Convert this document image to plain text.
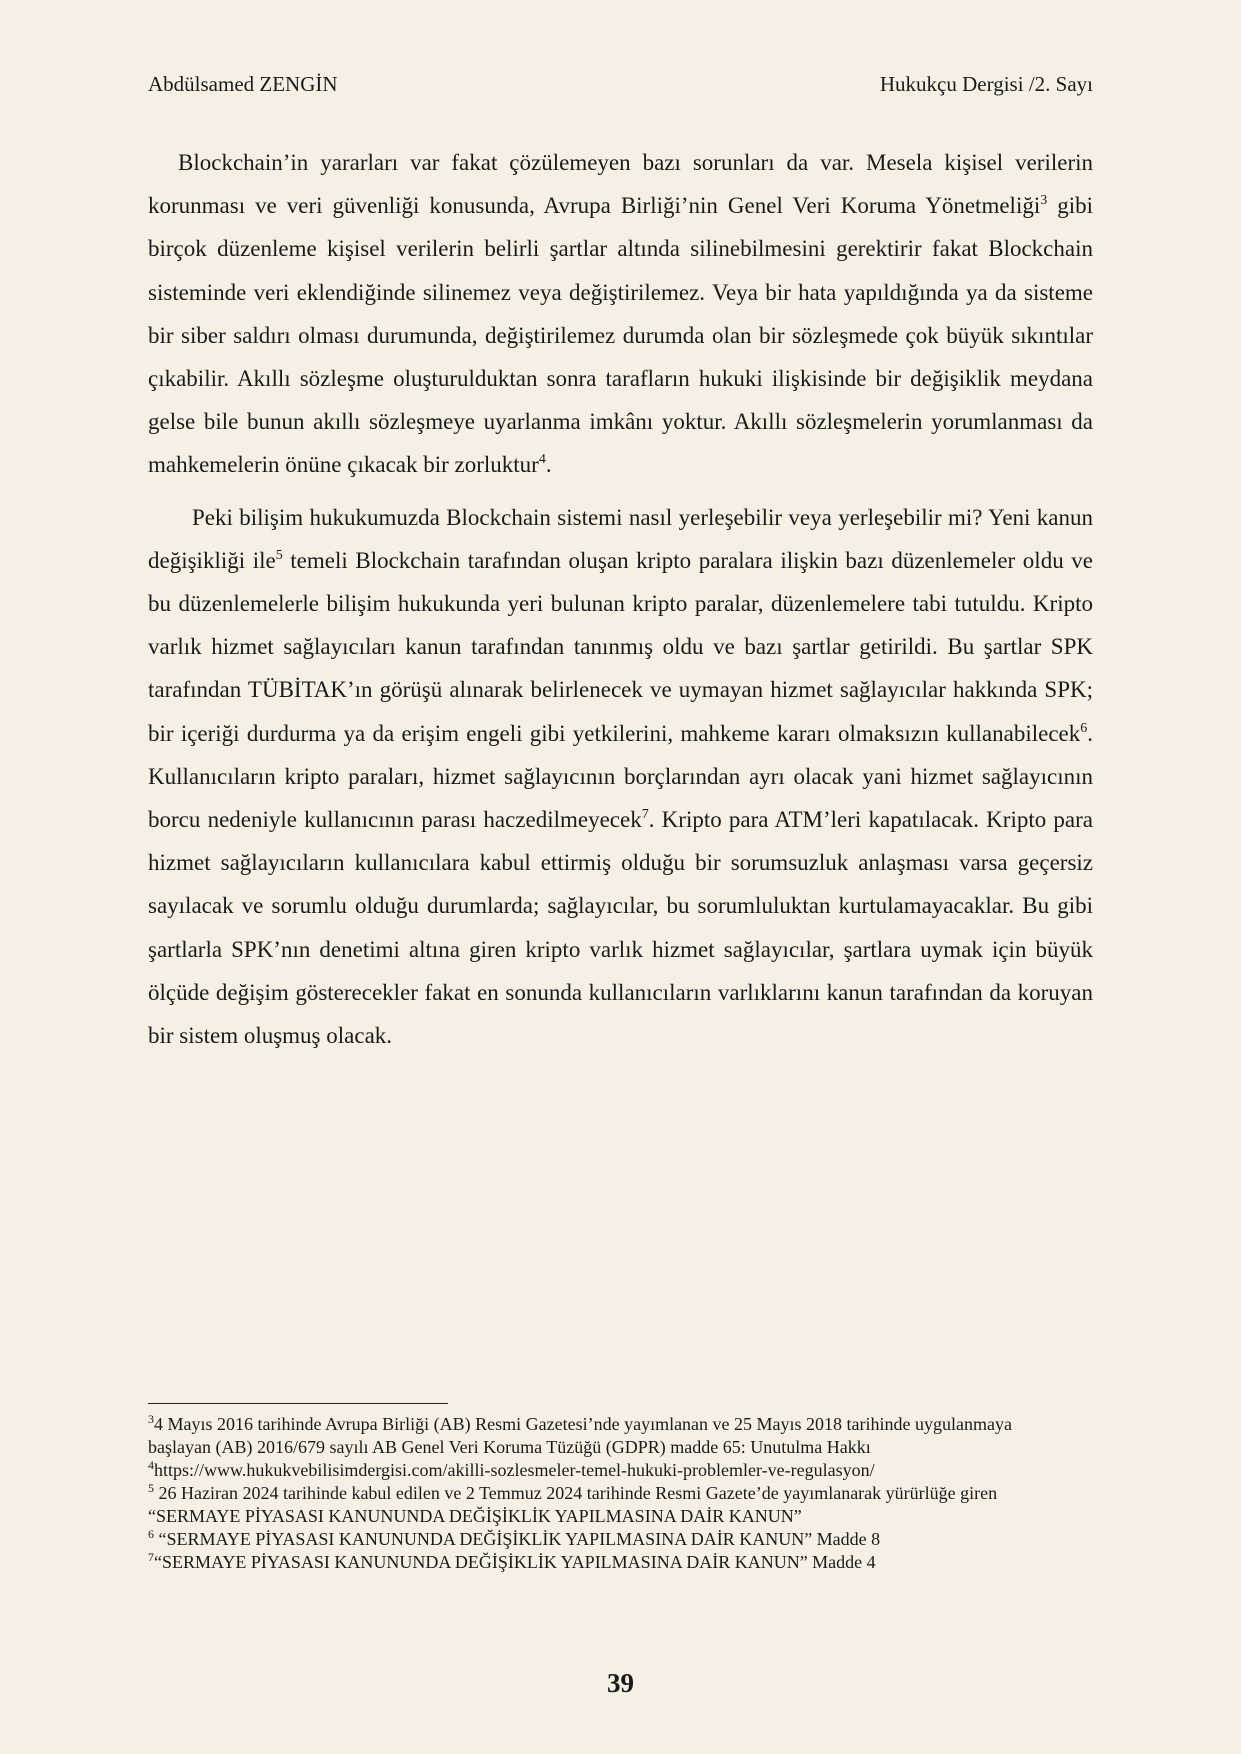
Abdülsamed ZENGİN	Hukukçu Dergisi /2. Sayı

Blockchain’in yararları var fakat çözülemeyen bazı sorunları da var. Mesela kişisel verilerin korunması ve veri güvenliği konusunda, Avrupa Birliği’nin Genel Veri Koruma Yönetmeliği$^3$ gibi birçok düzenleme kişisel verilerin belirli şartlar altında silinebilmesini gerektirir fakat Blockchain sisteminde veri eklendiğinde silinemez veya değiştirilemez. Veya bir hata yapıldığında ya da sisteme bir siber saldırı olması durumunda, değiştirilemez durumda olan bir sözleşmede çok büyük sıkıntılar çıkabilir. Akıllı sözleşme oluşturulduktan sonra tarafların hukuki ilişkisinde bir değişiklik meydana gelse bile bunun akıllı sözleşmeye uyarlanma imkânı yoktur. Akıllı sözleşmelerin yorumlanması da mahkemelerin önüne çıkacak bir zorluktur$^4$.

Peki bilişim hukukumuzda Blockchain sistemi nasıl yerleşebilir veya yerleşebilir mi? Yeni kanun değişikliği ile$^5$ temeli Blockchain tarafından oluşan kripto paralara ilişkin bazı düzenlemeler oldu ve bu düzenlemelerle bilişim hukukunda yeri bulunan kripto paralar, düzenlemelere tabi tutuldu. Kripto varlık hizmet sağlayıcıları kanun tarafından tanınmış oldu ve bazı şartlar getirildi. Bu şartlar SPK tarafından TÜBİTAK’ın görüşü alınarak belirlenecek ve uymayan hizmet sağlayıcılar hakkında SPK; bir içeriği durdurma ya da erişim engeli gibi yetkilerini, mahkeme kararı olmaksızın kullanabilecek$^6$. Kullanıcıların kripto paraları, hizmet sağlayıcının borçlarından ayrı olacak yani hizmet sağlayıcının borcu nedeniyle kullanıcının parası haczedilmeyecek$^7$. Kripto para ATM’leri kapatılacak. Kripto para hizmet sağlayıcıların kullanıcılara kabul ettirmiş olduğu bir sorumsuzluk anlaşması varsa geçersiz sayılacak ve sorumlu olduğu durumlarda; sağlayıcılar, bu sorumluluktan kurtulamayacaklar. Bu gibi şartlarla SPK’nın denetimi altına giren kripto varlık hizmet sağlayıcılar, şartlara uymak için büyük ölçüde değişim gösterecekler fakat en sonunda kullanıcıların varlıklarını kanun tarafından da koruyan bir sistem oluşmuş olacak.

$^3$4 Mayıs 2016 tarihinde Avrupa Birliği (AB) Resmi Gazetesi’nde yayımlanan ve 25 Mayıs 2018 tarihinde uygulanmaya başlayan (AB) 2016/679 sayılı AB Genel Veri Koruma Tüzüğü (GDPR) madde 65: Unutulma Hakkı

$^4$https://www.hukukvebilisimdergisi.com/akilli-sozlesmeler-temel-hukuki-problemler-ve-regulasyon/

$^5$ 26 Haziran 2024 tarihinde kabul edilen ve 2 Temmuz 2024 tarihinde Resmi Gazete’de yayımlanarak yürürlüğe giren “SERMAYE PİYASASI KANUNUNDA DEĞİŞİKLİK YAPILMASINA DAİR KANUN”

$^6$ “SERMAYE PİYASASI KANUNUNDA DEĞİŞİKLİK YAPILMASINA DAİR KANUN” Madde 8

$^7$“SERMAYE PİYASASI KANUNUNDA DEĞİŞİKLİK YAPILMASINA DAİR KANUN” Madde 4

39
